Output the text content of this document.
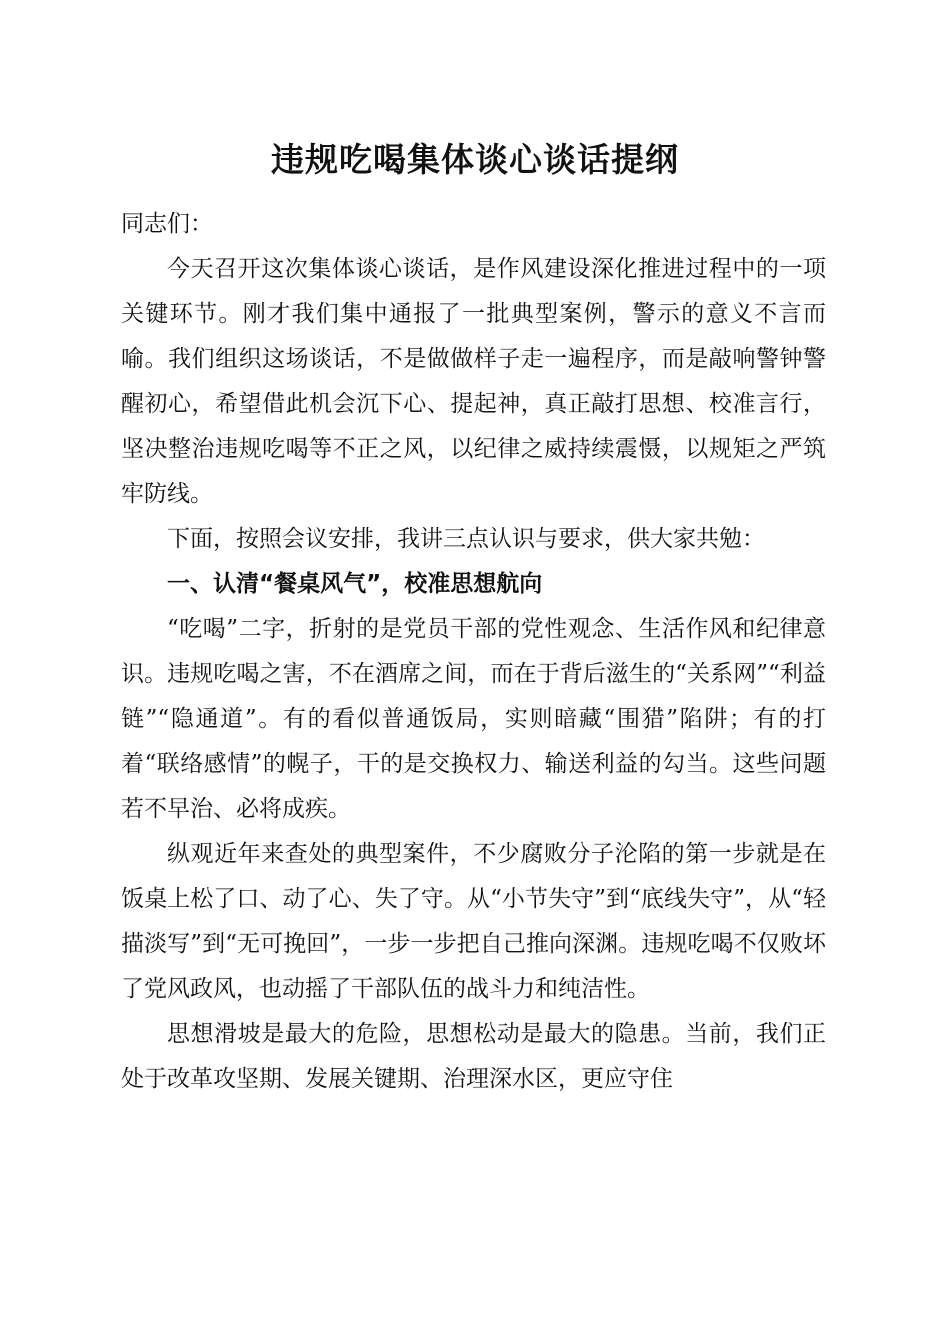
违规吃喝集体谈心谈话提纲

同志们：

今天召开这次集体谈心谈话，是作风建设深化推进过程中的一项关键环节。刚才我们集中通报了一批典型案例，警示的意义不言而喻。我们组织这场谈话，不是做做样子走一遍程序，而是敲响警钟警醒初心，希望借此机会沉下心、提起神，真正敲打思想、校准言行，坚决整治违规吃喝等不正之风，以纪律之威持续震慑，以规矩之严筑牢防线。

下面，按照会议安排，我讲三点认识与要求，供大家共勉：

一、认清“餐桌风气”，校准思想航向

“吃喝”二字，折射的是党员干部的党性观念、生活作风和纪律意识。违规吃喝之害，不在酒席之间，而在于背后滋生的“关系网”“利益链”“隐通道”。有的看似普通饭局，实则暗藏“围猎”陷阱；有的打着“联络感情”的幌子，干的是交换权力、输送利益的勾当。这些问题若不早治、必将成疾。

纵观近年来查处的典型案件，不少腐败分子沦陷的第一步就是在饭桌上松了口、动了心、失了守。从“小节失守”到“底线失守”，从“轻描淡写”到“无可挽回”，一步一步把自己推向深渊。违规吃喝不仅败坏了党风政风，也动摇了干部队伍的战斗力和纯洁性。

思想滑坡是最大的危险，思想松动是最大的隐患。当前，我们正处于改革攻坚期、发展关键期、治理深水区，更应守住
